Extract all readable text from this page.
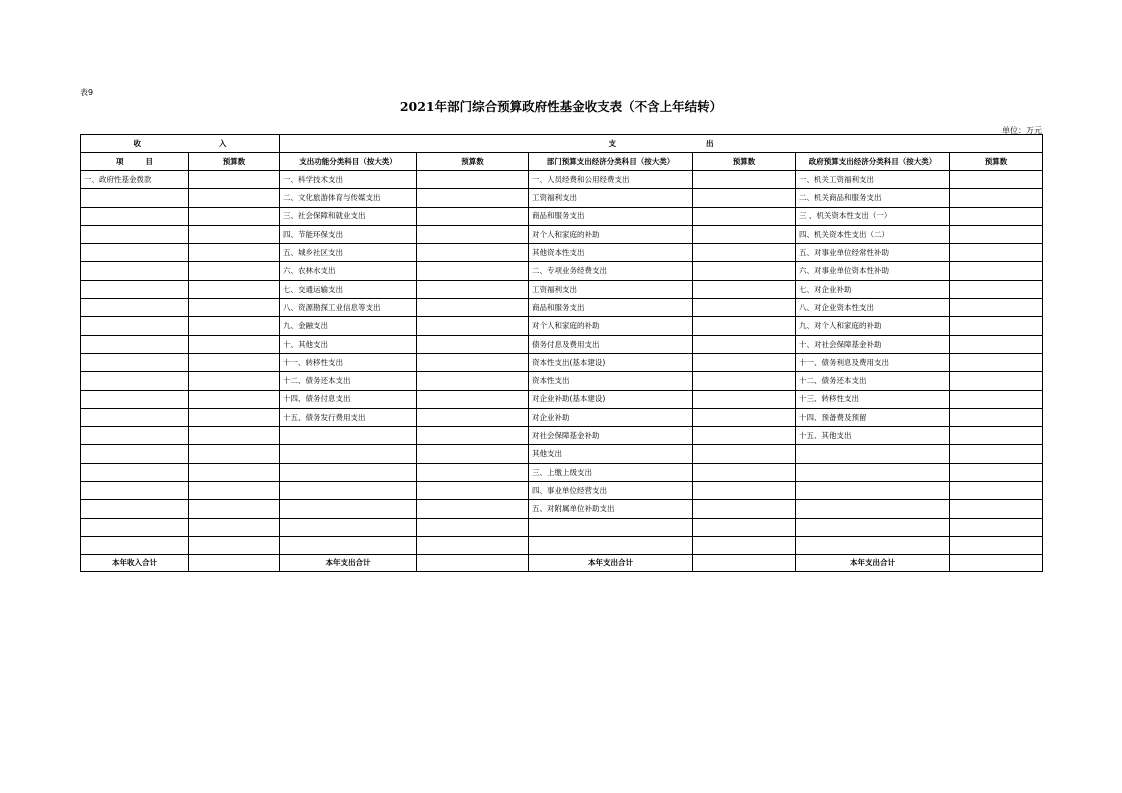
表9
2021年部门综合预算政府性基金收支表（不含上年结转）
单位：万元
收 入		支 出					
项 目	预算数	支出功能分类科目（按大类）	预算数	部门预算支出经济分类科目（按大类）	预算数	政府预算支出经济分类科目（按大类）	预算数
一、政府性基金拨款		一、科学技术支出		一、人员经费和公用经费支出		一、机关工资福利支出	
		二、文化旅游体育与传媒支出		工资福利支出		二、机关商品和服务支出	
		三、社会保障和就业支出		商品和服务支出		三 、机关资本性支出（一）	
		四、节能环保支出		对个人和家庭的补助		四、机关资本性支出（二）	
		五、城乡社区支出		其他资本性支出		五、对事业单位经常性补助	
		六、农林水支出		二、专项业务经费支出		六、对事业单位资本性补助	
		七、交通运输支出		工资福利支出		七、对企业补助	
		八、资源勘探工业信息等支出		商品和服务支出		八、对企业资本性支出	
		九、金融支出		对个人和家庭的补助		九、对个人和家庭的补助	
		十、其他支出		债务付息及费用支出		十、对社会保障基金补助	
		十一、转移性支出		资本性支出(基本建设)		十一、债务利息及费用支出	
		十二、债务还本支出		资本性支出		十二、债务还本支出	
		十四、债务付息支出		对企业补助(基本建设)		十三、转移性支出	
		十五、债务发行费用支出		对企业补助		十四、预备费及预留	
				对社会保障基金补助		十五、其他支出	
				其他支出			
				三、上缴上级支出			
				四、事业单位经营支出			
				五、对附属单位补助支出			

本年收入合计		本年支出合计		本年支出合计		本年支出合计	
